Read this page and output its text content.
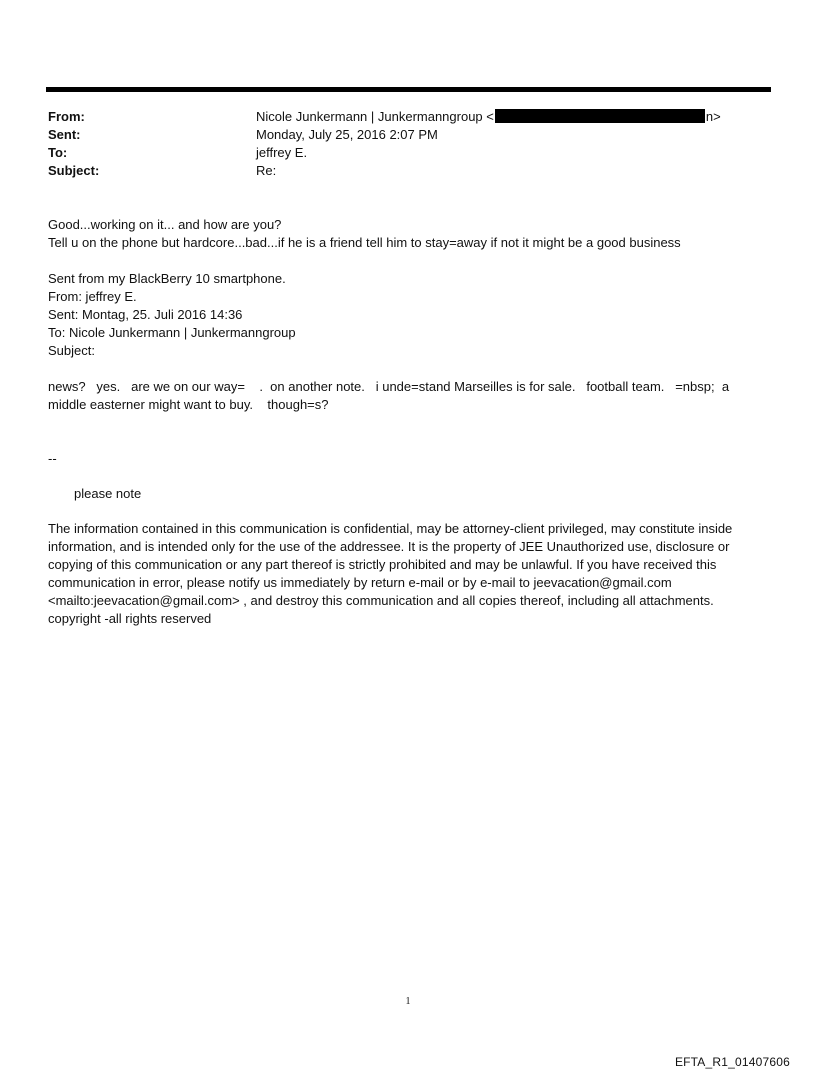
From:	Nicole Junkermann | Junkermanngroup <	n>
Sent:	Monday, July 25, 2016 2:07 PM
To:	jeffrey E.
Subject:	Re:
Good...working on it... and how are you?
Tell u on the phone but hardcore...bad...if he is a friend tell him to stay=away if not it might be a good business
Sent from my BlackBerry 10 smartphone.
From: jeffrey E.
Sent: Montag, 25. Juli 2016 14:36
To: Nicole Junkermann | Junkermanngroup
Subject:
news?   yes.   are we on our way=    .  on another note.   i unde=stand Marseilles is for sale.   football team.   =nbsp;  a middle easterner might want to buy.    though=s?
--
please note
The information contained in this communication is confidential, may be attorney-client privileged, may constitute inside information, and is intended only for the use of the addressee. It is the property of JEE Unauthorized use, disclosure or copying of this communication or any part thereof is strictly prohibited and may be unlawful. If you have received this communication in error, please notify us immediately by return e-mail or by e-mail to jeevacation@gmail.com <mailto:jeevacation@gmail.com> , and destroy this communication and all copies thereof, including all attachments. copyright -all rights reserved
1
EFTA_R1_01407606
